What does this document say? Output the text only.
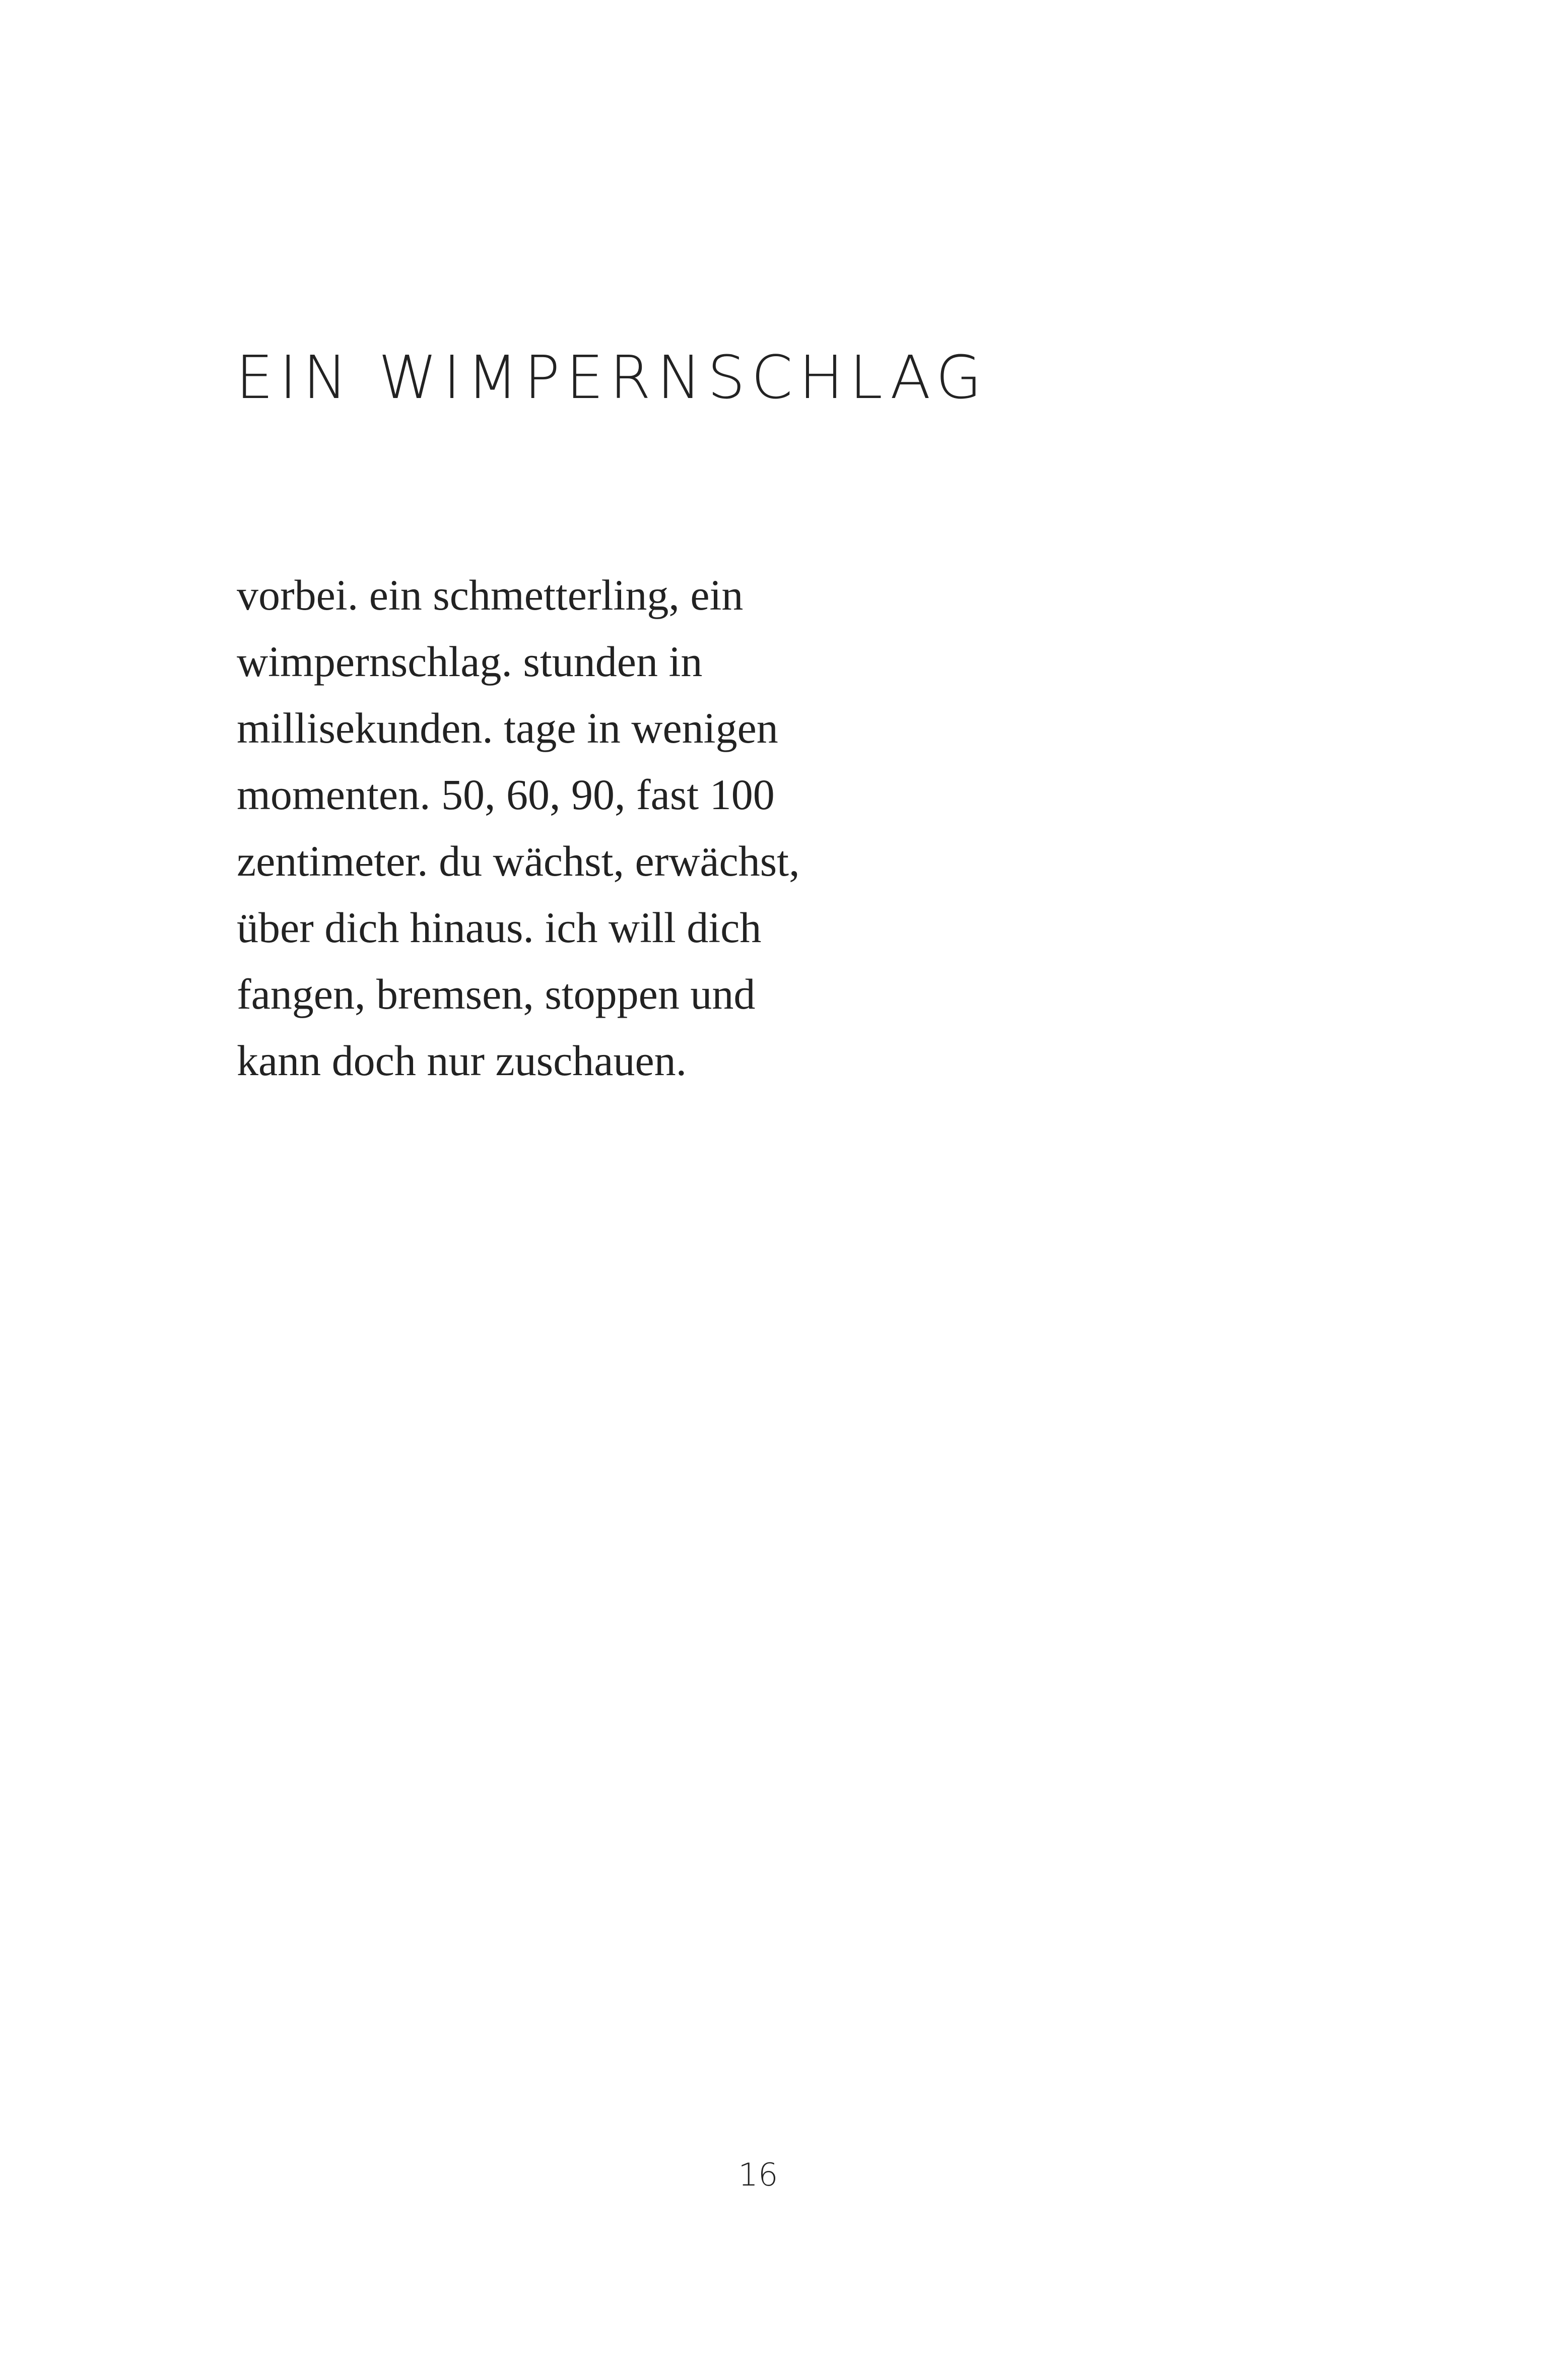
EIN WIMPERNSCHLAG
vorbei. ein schmetterling, ein
wimpernschlag. stunden in
millisekunden. tage in wenigen
momenten. 50, 60, 90, fast 100
zentimeter. du wächst, erwächst,
über dich hinaus. ich will dich
fangen, bremsen, stoppen und
kann doch nur zuschauen.
16
